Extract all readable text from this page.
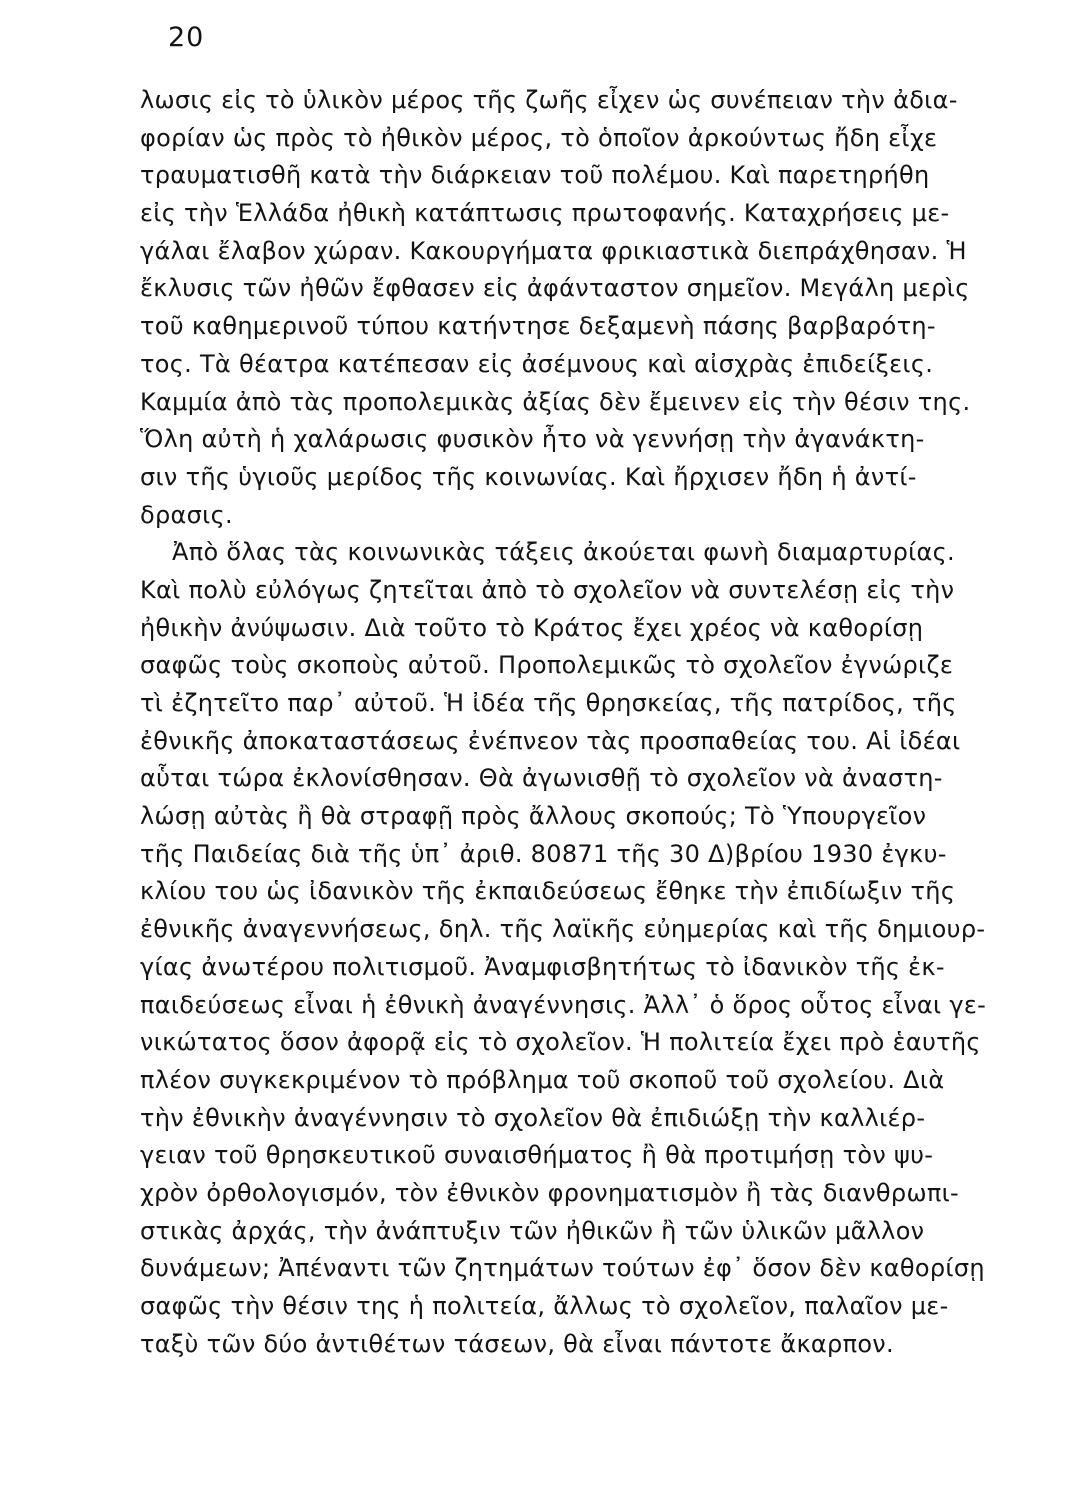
20
λωσις εἰς τὸ ὑλικὸν μέρος τῆς ζωῆς εἶχεν ὡς συνέπειαν τὴν ἀδια-
φορίαν ὡς πρὸς τὸ ἠθικὸν μέρος, τὸ ὁποῖον ἀρκούντως ἤδη εἶχε
τραυματισθῆ κατὰ τὴν διάρκειαν τοῦ πολέμου. Καὶ παρετηρήθη
εἰς τὴν Ἑλλάδα ἠθικὴ κατάπτωσις πρωτοφανής. Καταχρήσεις με-
γάλαι ἔλαβον χώραν. Κακουργήματα φρικιαστικὰ διεπράχθησαν. Ἡ
ἔκλυσις τῶν ἠθῶν ἔφθασεν εἰς ἀφάνταστον σημεῖον. Μεγάλη μερὶς
τοῦ καθημερινοῦ τύπου κατήντησε δεξαμενὴ πάσης βαρβαρότη-
τος. Τὰ θέατρα κατέπεσαν εἰς ἀσέμνους καὶ αἰσχρὰς ἐπιδείξεις.
Καμμία ἀπὸ τὰς προπολεμικὰς ἀξίας δὲν ἔμεινεν εἰς τὴν θέσιν της.
Ὅλη αὐτὴ ἡ χαλάρωσις φυσικὸν ἦτο νὰ γεννήσῃ τὴν ἀγανάκτη-
σιν τῆς ὑγιοῦς μερίδος τῆς κοινωνίας. Καὶ ἤρχισεν ἤδη ἡ ἀντί-
δρασις.
Ἀπὸ ὅλας τὰς κοινωνικὰς τάξεις ἀκούεται φωνὴ διαμαρτυρίας.
Καὶ πολὺ εὐλόγως ζητεῖται ἀπὸ τὸ σχολεῖον νὰ συντελέσῃ εἰς τὴν
ἠθικὴν ἀνύψωσιν. Διὰ τοῦτο τὸ Κράτος ἔχει χρέος νὰ καθορίσῃ
σαφῶς τοὺς σκοποὺς αὐτοῦ. Προπολεμικῶς τὸ σχολεῖον ἐγνώριζε
τὶ ἐζητεῖτο παρ᾽ αὐτοῦ. Ἡ ἰδέα τῆς θρησκείας, τῆς πατρίδος, τῆς
ἐθνικῆς ἀποκαταστάσεως ἐνέπνεον τὰς προσπαθείας του. Αἱ ἰδέαι
αὗται τώρα ἐκλονίσθησαν. Θὰ ἀγωνισθῇ τὸ σχολεῖον νὰ ἀναστη-
λώσῃ αὐτὰς ἢ θὰ στραφῇ πρὸς ἄλλους σκοπούς; Τὸ Ὑπουργεῖον
τῆς Παιδείας διὰ τῆς ὑπ᾽ ἀριθ. 80871 τῆς 30 Δ)βρίου 1930 ἐγκυ-
κλίου του ὡς ἰδανικὸν τῆς ἐκπαιδεύσεως ἔθηκε τὴν ἐπιδίωξιν τῆς
ἐθνικῆς ἀναγεννήσεως, δηλ. τῆς λαϊκῆς εὐημερίας καὶ τῆς δημιουρ-
γίας ἀνωτέρου πολιτισμοῦ. Ἀναμφισβητήτως τὸ ἰδανικὸν τῆς ἐκ-
παιδεύσεως εἶναι ἡ ἐθνικὴ ἀναγέννησις. Ἀλλ᾽ ὁ ὅρος οὗτος εἶναι γε-
νικώτατος ὅσον ἀφορᾷ εἰς τὸ σχολεῖον. Ἡ πολιτεία ἔχει πρὸ ἑαυτῆς
πλέον συγκεκριμένον τὸ πρόβλημα τοῦ σκοποῦ τοῦ σχολείου. Διὰ
τὴν ἐθνικὴν ἀναγέννησιν τὸ σχολεῖον θὰ ἐπιδιώξῃ τὴν καλλιέρ-
γειαν τοῦ θρησκευτικοῦ συναισθήματος ἢ θὰ προτιμήσῃ τὸν ψυ-
χρὸν ὀρθολογισμόν, τὸν ἐθνικὸν φρονηματισμὸν ἢ τὰς διανθρωπι-
στικὰς ἀρχάς, τὴν ἀνάπτυξιν τῶν ἠθικῶν ἢ τῶν ὑλικῶν μᾶλλον
δυνάμεων; Ἀπέναντι τῶν ζητημάτων τούτων ἐφ᾽ ὅσον δὲν καθορίσῃ
σαφῶς τὴν θέσιν της ἡ πολιτεία, ἄλλως τὸ σχολεῖον, παλαῖον με-
ταξὺ τῶν δύο ἀντιθέτων τάσεων, θὰ εἶναι πάντοτε ἄκαρπον.
